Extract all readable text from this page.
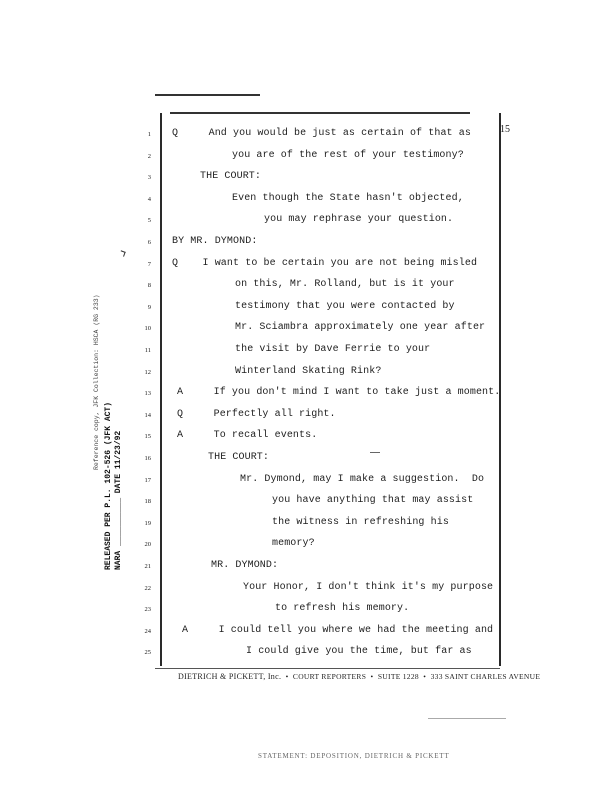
15
1 Q     And you would be just as certain of that as
2	you are of the rest of your testimony?
3	THE COURT:
4	Even though the State hasn't objected,
5	you may rephrase your question.
6 BY MR. DYMOND:
7 Q    I want to be certain you are not being misled
8	on this, Mr. Rolland, but is it your
9	testimony that you were contacted by
10	Mr. Sciambra approximately one year after
11	the visit by Dave Ferrie to your
12	Winterland Skating Rink?
13	A     If you don't mind I want to take just a moment.
14	Q     Perfectly all right.
15	A     To recall events.
16	THE COURT:
17	Mr. Dymond, may I make a suggestion.  Do
18	you have anything that may assist
19	the witness in refreshing his
20	memory?
21	MR. DYMOND:
22	Your Honor, I don't think it's my purpose
23	to refresh his memory.
24	A     I could tell you where we had the meeting and
25	I could give you the time, but far as
DIETRICH & PICKETT, Inc.  •  COURT REPORTERS  •  SUITE 1228  •  333 SAINT CHARLES AVENUE
STATEMENT: DEPOSITION, DIETRICH & PICKETT
Reference copy, JFK Collection: HSCA (RG 233)
RELEASED PER P.L. 102-526 (JFK ACT) NARA __________ DATE 11/23/92
